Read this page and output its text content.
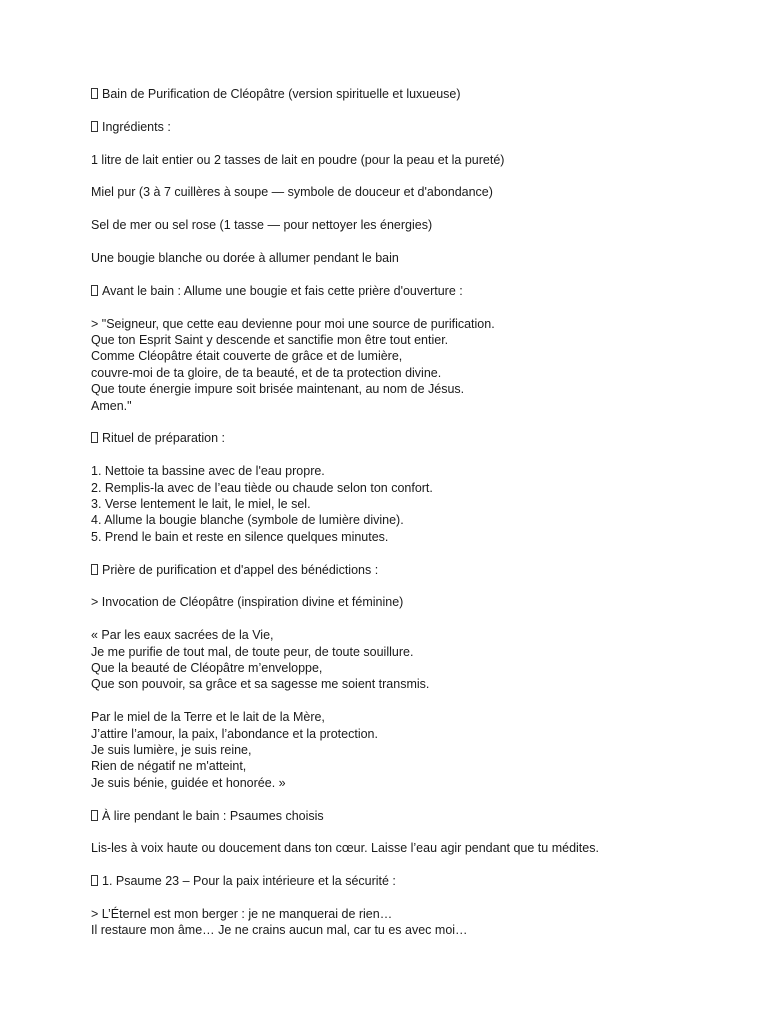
Bain de Purification de Cléopâtre (version spirituelle et luxueuse)
Ingrédients :
1 litre de lait entier ou 2 tasses de lait en poudre (pour la peau et la pureté)
Miel pur (3 à 7 cuillères à soupe — symbole de douceur et d'abondance)
Sel de mer ou sel rose (1 tasse — pour nettoyer les énergies)
Une bougie blanche ou dorée à allumer pendant le bain
Avant le bain : Allume une bougie et fais cette prière d'ouverture :
> "Seigneur, que cette eau devienne pour moi une source de purification.
Que ton Esprit Saint y descende et sanctifie mon être tout entier.
Comme Cléopâtre était couverte de grâce et de lumière,
couvre-moi de ta gloire, de ta beauté, et de ta protection divine.
Que toute énergie impure soit brisée maintenant, au nom de Jésus.
Amen."
Rituel de préparation :
1. Nettoie ta bassine avec de l'eau propre.
2. Remplis-la avec de l’eau tiède ou chaude selon ton confort.
3. Verse lentement le lait, le miel, le sel.
4. Allume la bougie blanche (symbole de lumière divine).
5. Prend le bain et reste en silence quelques minutes.
Prière de purification et d'appel des bénédictions :
> Invocation de Cléopâtre (inspiration divine et féminine)
« Par les eaux sacrées de la Vie,
Je me purifie de tout mal, de toute peur, de toute souillure.
Que la beauté de Cléopâtre m’enveloppe,
Que son pouvoir, sa grâce et sa sagesse me soient transmis.
Par le miel de la Terre et le lait de la Mère,
J’attire l’amour, la paix, l’abondance et la protection.
Je suis lumière, je suis reine,
Rien de négatif ne m'atteint,
Je suis bénie, guidée et honorée. »
À lire pendant le bain : Psaumes choisis
Lis-les à voix haute ou doucement dans ton cœur. Laisse l’eau agir pendant que tu médites.
1. Psaume 23 – Pour la paix intérieure et la sécurité :
> L’Éternel est mon berger : je ne manquerai de rien…
Il restaure mon âme… Je ne crains aucun mal, car tu es avec moi…
